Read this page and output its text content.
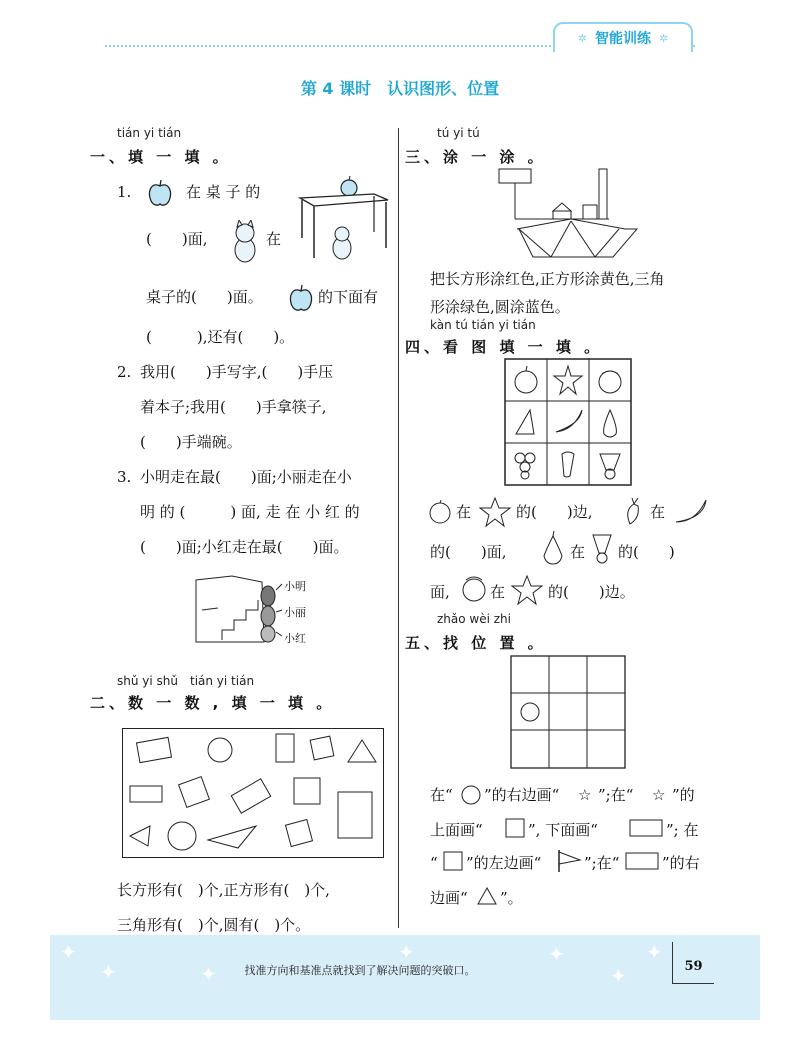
✲ 智能训练 ✲
第 4 课时　认识图形、位置
tián yi tián
一、填 一 填 。
1.	在 桌 子 的
(　　)面,	在
桌子的(　　)面。	的下面有
(　　　),还有(　　)。
2. 我用(　　)手写字,(　　)手压
着本子;我用(　　)手拿筷子,
(　　)手端碗。
3. 小明走在最(　　)面;小丽走在小
明 的 (　　　) 面, 走 在 小 红 的
(　　)面;小红走在最(　　)面。
小明
小丽
小红
shǔ yi shǔ　tián yi tián
二、数 一 数 , 填 一 填 。
长方形有(　)个,正方形有(　)个,
三角形有(　)个,圆有(　)个。
tú yi tú
三、涂 一 涂 。
把长方形涂红色,正方形涂黄色,三角
形涂绿色,圆涂蓝色。
kàn tú tián yi tián
四、看 图 填 一 填 。
在	的(　　)边,	在
的(　　)面,	在 的(　　)
面,	在	的(　　)边。
zhǎo wèi zhi
五、找 位 置 。
在“ ”的右边画“ ☆ ”;在“ ☆ ”的
上面画“	”, 下面画“	”; 在
“ ”的左边画“	”;在“	”的右
边画“ ”。
✦
✦	✦
✦	✦
✦
✦
找准方向和基准点就找到了解决问题的突破口。	59
